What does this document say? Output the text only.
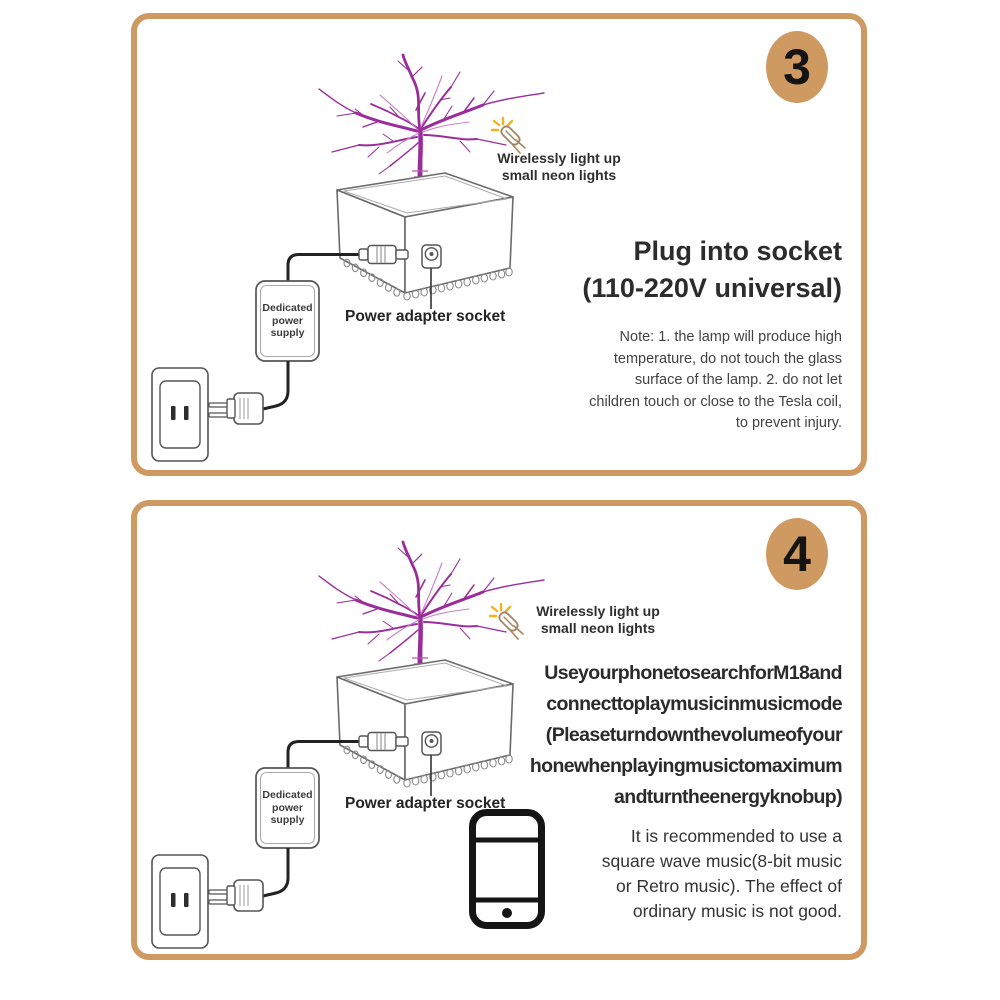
3
Wirelessly light up
small neon lights
Plug into socket
(110-220V universal)
Note: 1. the lamp will produce high
temperature, do not touch the glass
surface of the lamp. 2. do not let
children touch or close to the Tesla coil,
to prevent injury.
Dedicated
power
supply
Power adapter socket
4
Wirelessly light up
small neon lights
Use your phone to search for M18 and
connect to play music in music mode
(Please turn down the volume of your
hone when playing music to maximum
and turn the energy knob up)
It is recommended to use a
square wave music(8-bit music
or Retro music). The effect of
ordinary music is not good.
Dedicated
power
supply
Power adapter socket
